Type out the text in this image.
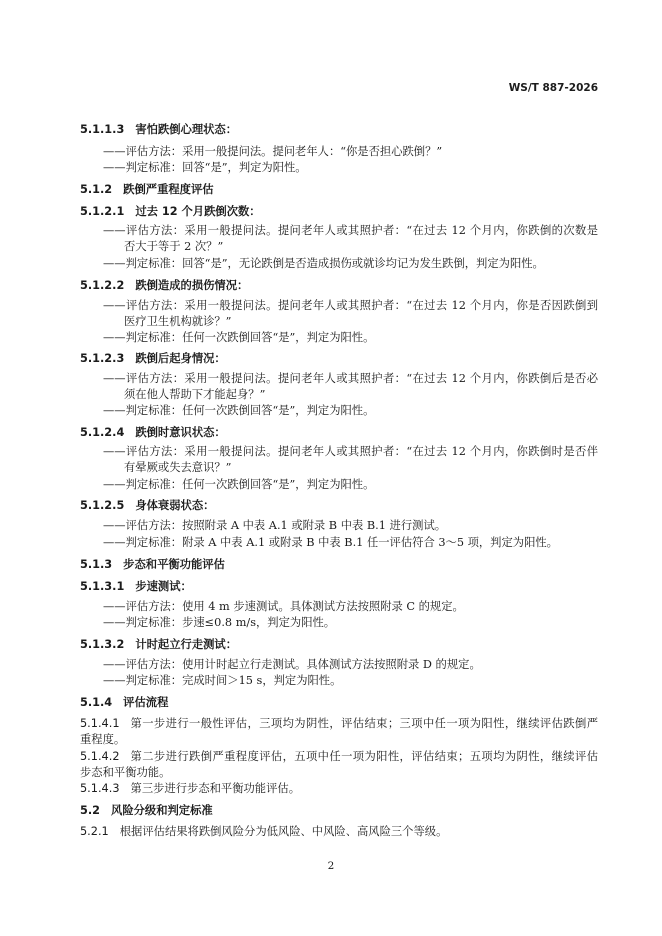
WS/T 887-2026
5.1.1.3 害怕跌倒心理状态：
——评估方法：采用一般提问法。提问老年人：“你是否担心跌倒？”
——判定标准：回答“是”，判定为阳性。
5.1.2 跌倒严重程度评估
5.1.2.1 过去 12 个月跌倒次数：
——评估方法：采用一般提问法。提问老年人或其照护者：“在过去 12 个月内，你跌倒的次数是
否大于等于 2 次？”
——判定标准：回答“是”，无论跌倒是否造成损伤或就诊均记为发生跌倒，判定为阳性。
5.1.2.2 跌倒造成的损伤情况：
——评估方法：采用一般提问法。提问老年人或其照护者：“在过去 12 个月内，你是否因跌倒到
医疗卫生机构就诊？”
——判定标准：任何一次跌倒回答“是”，判定为阳性。
5.1.2.3 跌倒后起身情况：
——评估方法：采用一般提问法。提问老年人或其照护者：“在过去 12 个月内，你跌倒后是否必
须在他人帮助下才能起身？”
——判定标准：任何一次跌倒回答“是”，判定为阳性。
5.1.2.4 跌倒时意识状态：
——评估方法：采用一般提问法。提问老年人或其照护者：“在过去 12 个月内，你跌倒时是否伴
有晕厥或失去意识？”
——判定标准：任何一次跌倒回答“是”，判定为阳性。
5.1.2.5 身体衰弱状态：
——评估方法：按照附录 A 中表 A.1 或附录 B 中表 B.1 进行测试。
——判定标准：附录 A 中表 A.1 或附录 B 中表 B.1 任一评估符合 3～5 项，判定为阳性。
5.1.3 步态和平衡功能评估
5.1.3.1 步速测试：
——评估方法：使用 4 m 步速测试。具体测试方法按照附录 C 的规定。
——判定标准：步速≤0.8 m/s，判定为阳性。
5.1.3.2 计时起立行走测试：
——评估方法：使用计时起立行走测试。具体测试方法按照附录 D 的规定。
——判定标准：完成时间＞15 s，判定为阳性。
5.1.4 评估流程
5.1.4.1 第一步进行一般性评估，三项均为阴性，评估结束；三项中任一项为阳性，继续评估跌倒严
重程度。
5.1.4.2 第二步进行跌倒严重程度评估，五项中任一项为阳性，评估结束；五项均为阴性，继续评估
步态和平衡功能。
5.1.4.3 第三步进行步态和平衡功能评估。
5.2 风险分级和判定标准
5.2.1 根据评估结果将跌倒风险分为低风险、中风险、高风险三个等级。
2
